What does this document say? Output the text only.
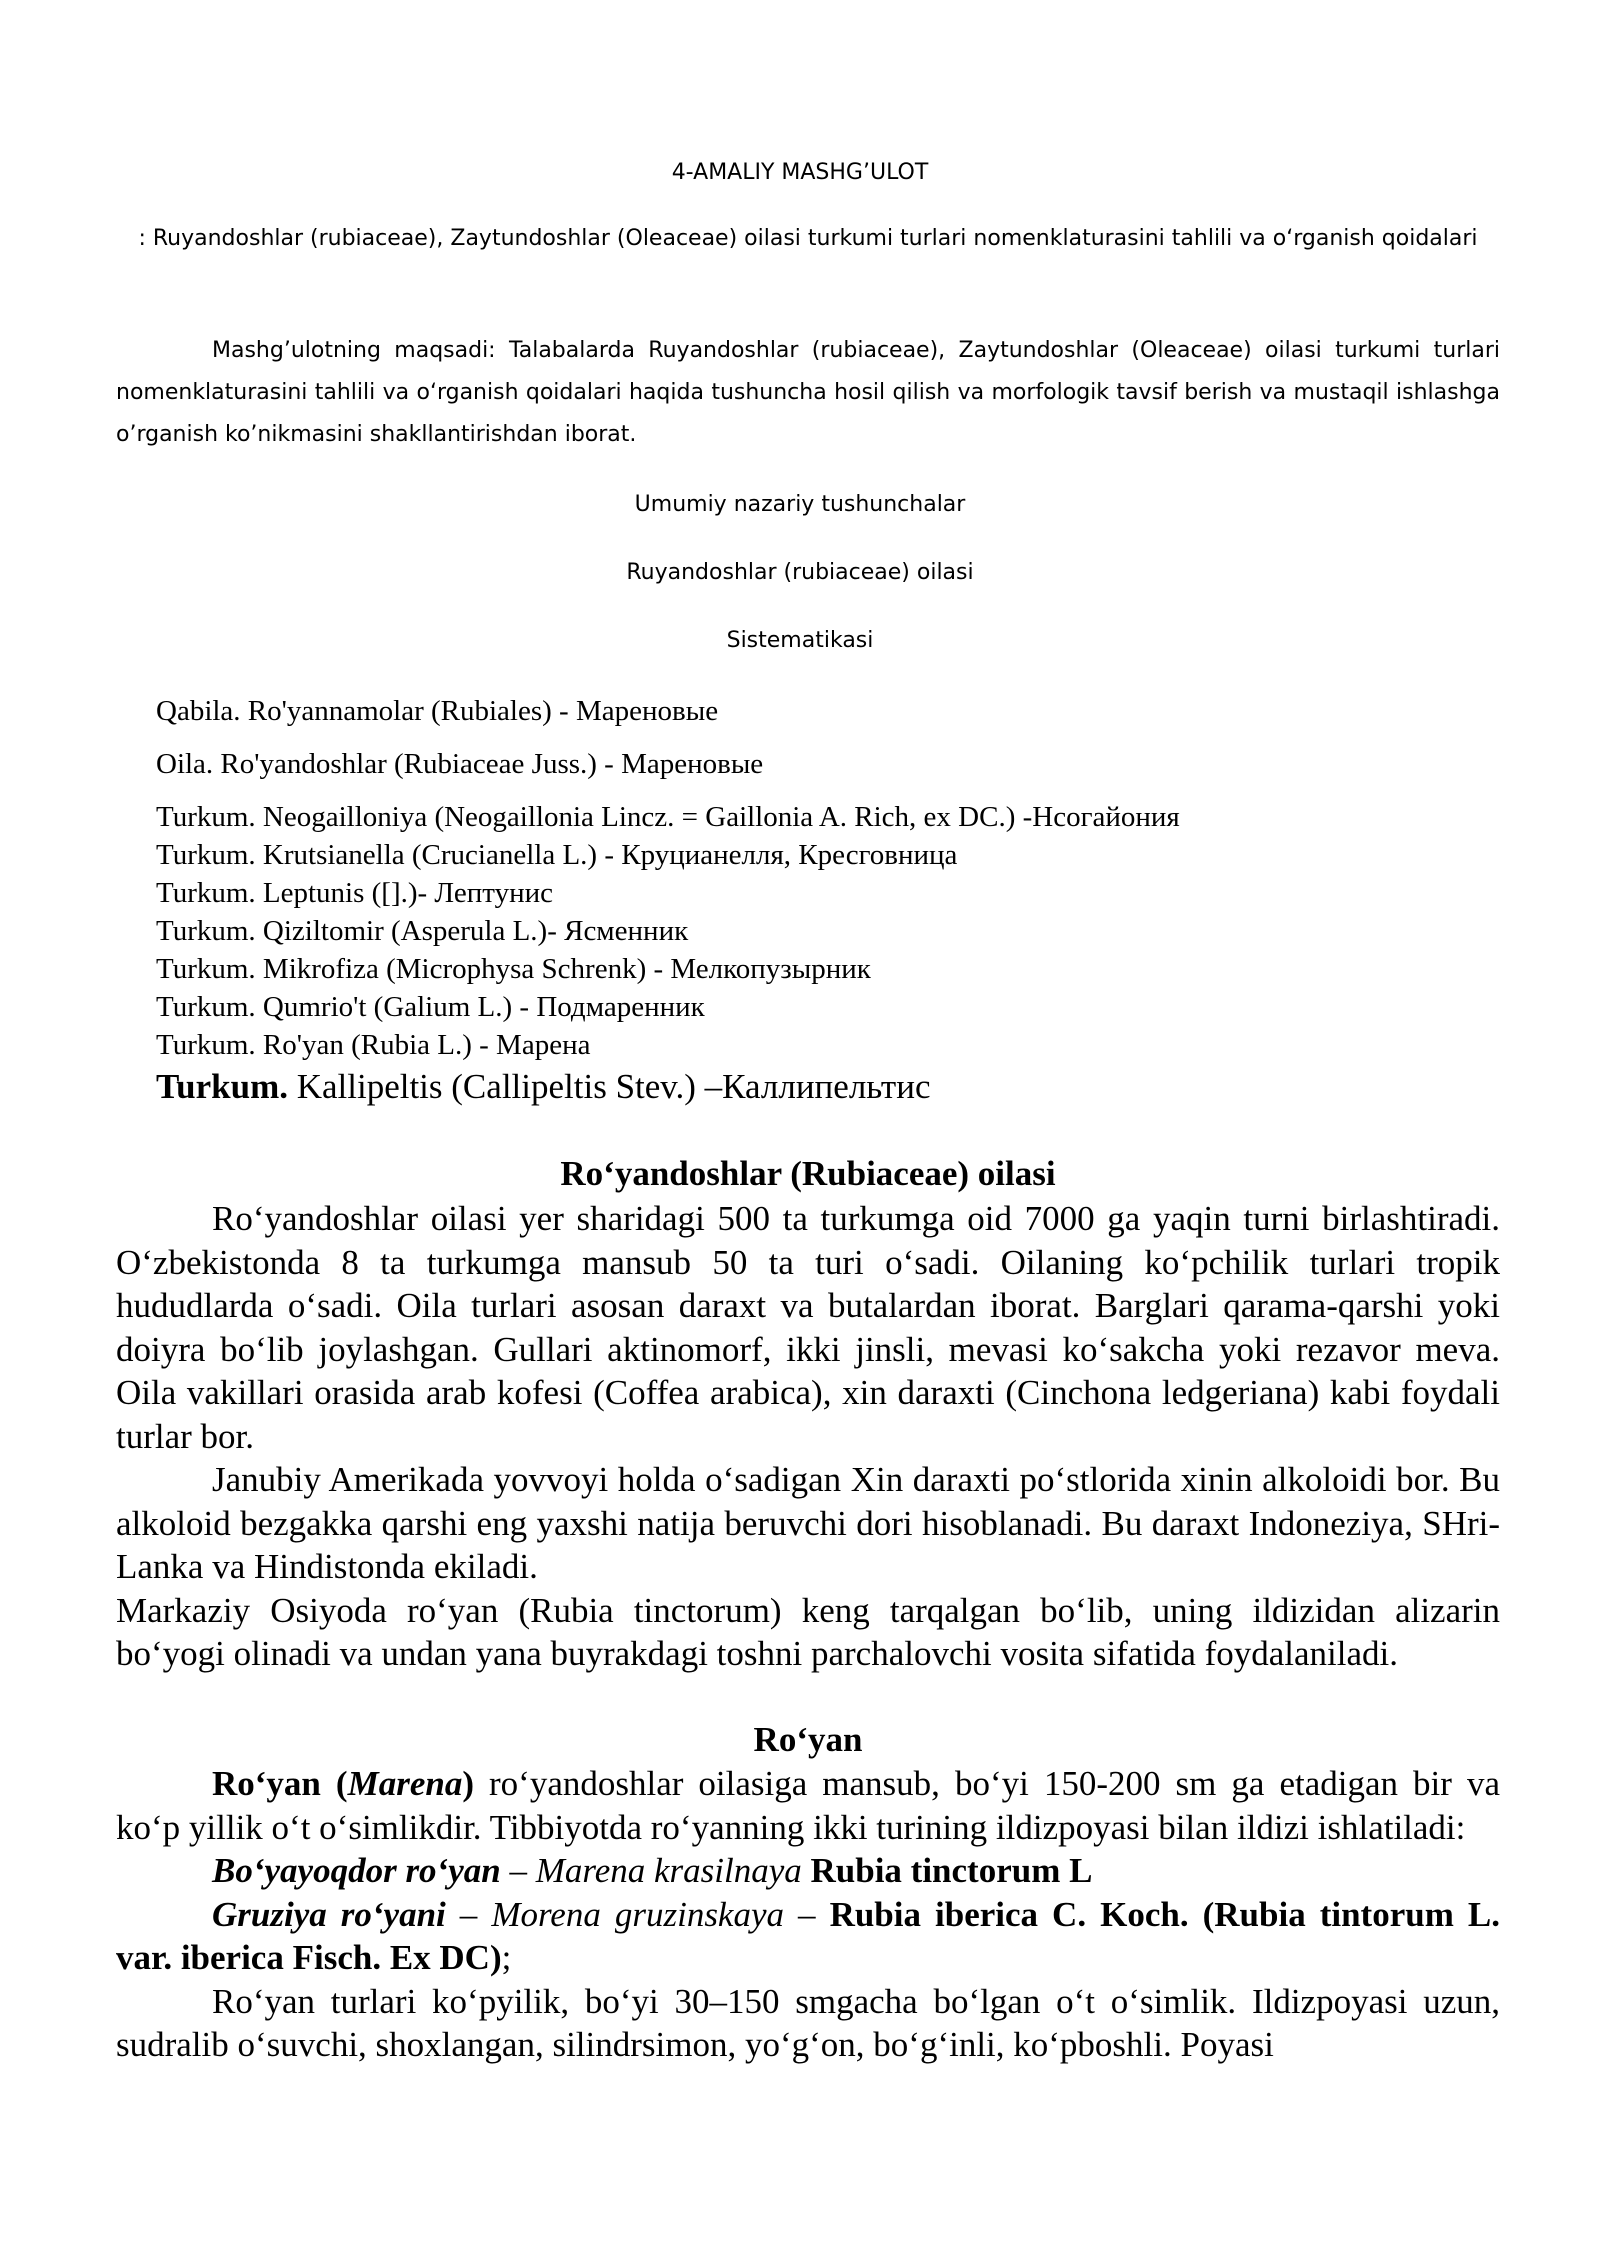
4-AMALIY MASHG’ULOT
: Ruyandoshlar (rubiaceae), Zaytundoshlar (Oleaceae) oilasi turkumi turlari nomenklaturasini tahlili va o‘rganish qoidalari
Mashg’ulotning maqsadi: Talabalarda Ruyandoshlar (rubiaceae), Zaytundoshlar (Oleaceae) oilasi turkumi turlari nomenklaturasini tahlili va o‘rganish qoidalari haqida tushuncha hosil qilish va morfologik tavsif berish va mustaqil ishlashga o’rganish ko’nikmasini shakllantirishdan iborat.
Umumiy nazariy tushunchalar
Ruyandoshlar (rubiaceae) oilasi
Sistematikasi
Qabila. Ro'yannamolar (Rubiales) - Мареновые
Oila. Ro'yandoshlar (Rubiaceae Juss.) - Мареновые
Turkum. Neogailloniya (Neogaillonia Lincz. = Gaillonia A. Rich, ex DC.) -Нсогайония
Turkum. Krutsianella (Crucianella L.) - Круцианелля, Кресговница
Turkum. Leptunis ([].)- Лептунис
Turkum. Qiziltomir (Asperula L.)- Ясменник
Turkum. Mikrofiza (Microphysa Schrenk) - Мелкопузырник
Turkum. Qumrio't (Galium L.) - Подмаренник
Turkum. Ro'yan (Rubia L.) - Марена
Turkum. Kallipeltis (Callipeltis Stev.) –Каллипельтис
Ro‘yandoshlar (Rubiaceae) oilasi

Ro‘yandoshlar oilasi yer sharidagi 500 ta turkumga oid 7000 ga yaqin turni birlashtiradi. O‘zbekistonda 8 ta turkumga mansub 50 ta turi o‘sadi. Oilaning ko‘pchilik turlari tropik hududlarda o‘sadi. Oila turlari asosan daraxt va butalardan iborat. Barglari qarama-qarshi yoki doiyra bo‘lib joylashgan. Gullari aktinomorf, ikki jinsli, mevasi ko‘sakcha yoki rezavor meva. Oila vakillari orasida arab kofesi (Coffea arabica), xin daraxti (Cinchona ledgeriana) kabi foydali turlar bor.

Janubiy Amerikada yovvoyi holda o‘sadigan Xin daraxti po‘stlorida xinin alkoloidi bor. Bu alkoloid bezgakka qarshi eng yaxshi natija beruvchi dori hisoblanadi. Bu daraxt Indoneziya, SHri-Lanka va Hindistonda ekiladi.

Markaziy Osiyoda ro‘yan (Rubia tinctorum) keng tarqalgan bo‘lib, uning ildizidan alizarin bo‘yogi olinadi va undan yana buyrakdagi toshni parchalovchi vosita sifatida foydalaniladi.

Ro‘yan

Ro‘yan (Marena) ro‘yandoshlar oilasiga mansub, bo‘yi 150-200 sm ga etadigan bir va ko‘p yillik o‘t o‘simlikdir. Tibbiyotda ro‘yanning ikki turining ildizpoyasi bilan ildizi ishlatiladi:

Bo‘yayoqdor ro‘yan – Marena krasilnaya Rubia tinctorum L

Gruziya ro‘yani – Morena gruzinskaya – Rubia iberica C. Koch. (Rubia tintorum L. var. iberica Fisch. Ex DC);

Ro‘yan turlari ko‘pyilik, bo‘yi 30–150 smgacha bo‘lgan o‘t o‘simlik. Ildizpoyasi uzun, sudralib o‘suvchi, shoxlangan, silindrsimon, yo‘g‘on, bo‘g‘inli, ko‘pboshli. Poyasi
